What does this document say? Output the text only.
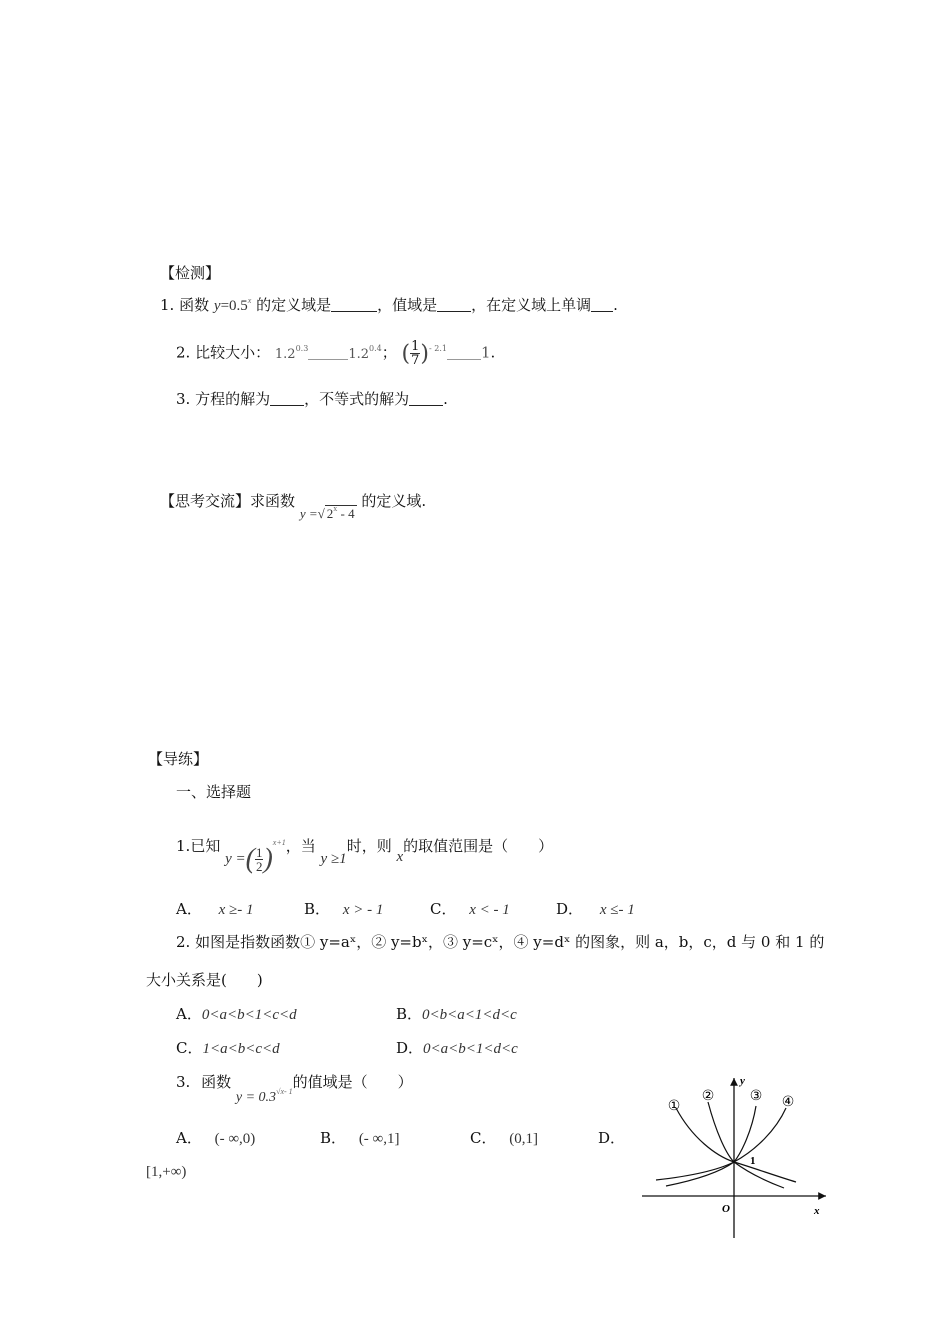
【检测】
1. 函数 $y=0.5^x$ 的定义域是	，值域是 ，在定义域上单调 .
2. 比较大小： $1.2^{0.3}$	$1.2^{0.4}$； ( $\frac{1}{7} )^{- 2.1}$ 1.
3. 方程的解为 ，不等式的解为 .
【思考交流】求函数 y =√ 2$^x$ - 4 的定义域.
【导练】
一、选择题
1.已知 y =( $\frac{1}{2} )^{x+1}$，当 y ≥1时，则 x的取值范围是（　　）
A． x ≥- 1	B． x > - 1	C． x < - 1	D． x ≤- 1
2. 如图是指数函数① y=aˣ，② y=bˣ，③ y=cˣ，④ y=dˣ 的图象，则 a，b，c，d 与 0 和 1 的
大小关系是(　　)
A．0<a<b<1<c<d	B．0<b<a<1<d<c
C．1<a<b<c<d	D．0<a<b<1<d<c
3. 函数 $y = 0.3^{√x- 1}$的值域是（　　）
A． (- ∞,0)	B． (- ∞,1]	C． (0,1]	D．
[1,+∞)
①
②	③ ④
y
x
O
1
